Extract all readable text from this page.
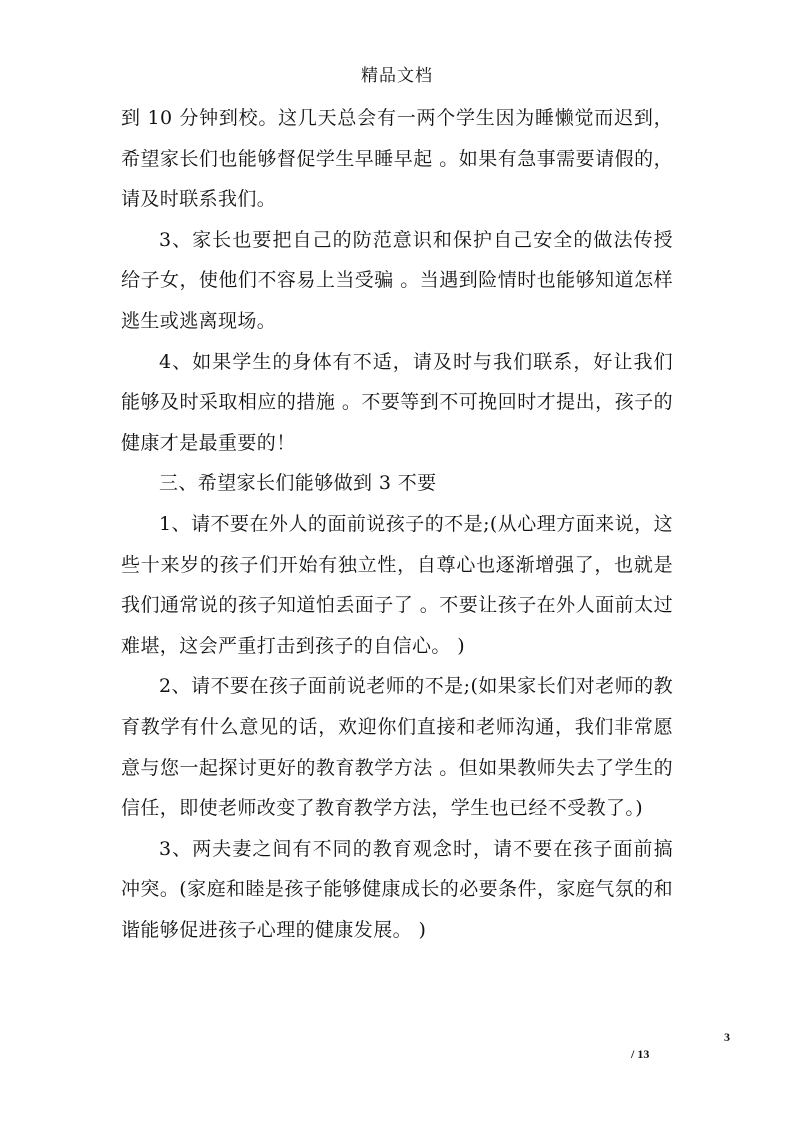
精品文档

到 10 分钟到校。这几天总会有一两个学生因为睡懒觉而迟到，希望家长们也能够督促学生早睡早起 。如果有急事需要请假的，请及时联系我们。

3、家长也要把自己的防范意识和保护自己安全的做法传授给子女，使他们不容易上当受骗 。当遇到险情时也能够知道怎样逃生或逃离现场。

4、如果学生的身体有不适，请及时与我们联系，好让我们能够及时采取相应的措施 。不要等到不可挽回时才提出，孩子的健康才是最重要的！

三、希望家长们能够做到 3 不要

1、请不要在外人的面前说孩子的不是;(从心理方面来说，这些十来岁的孩子们开始有独立性，自尊心也逐渐增强了，也就是我们通常说的孩子知道怕丢面子了 。不要让孩子在外人面前太过难堪，这会严重打击到孩子的自信心。 )

2、请不要在孩子面前说老师的不是;(如果家长们对老师的教育教学有什么意见的话，欢迎你们直接和老师沟通，我们非常愿意与您一起探讨更好的教育教学方法 。但如果教师失去了学生的信任，即使老师改变了教育教学方法，学生也已经不受教了。)

3、两夫妻之间有不同的教育观念时，请不要在孩子面前搞冲突。(家庭和睦是孩子能够健康成长的必要条件，家庭气氛的和谐能够促进孩子心理的健康发展。 )

3
/ 13
